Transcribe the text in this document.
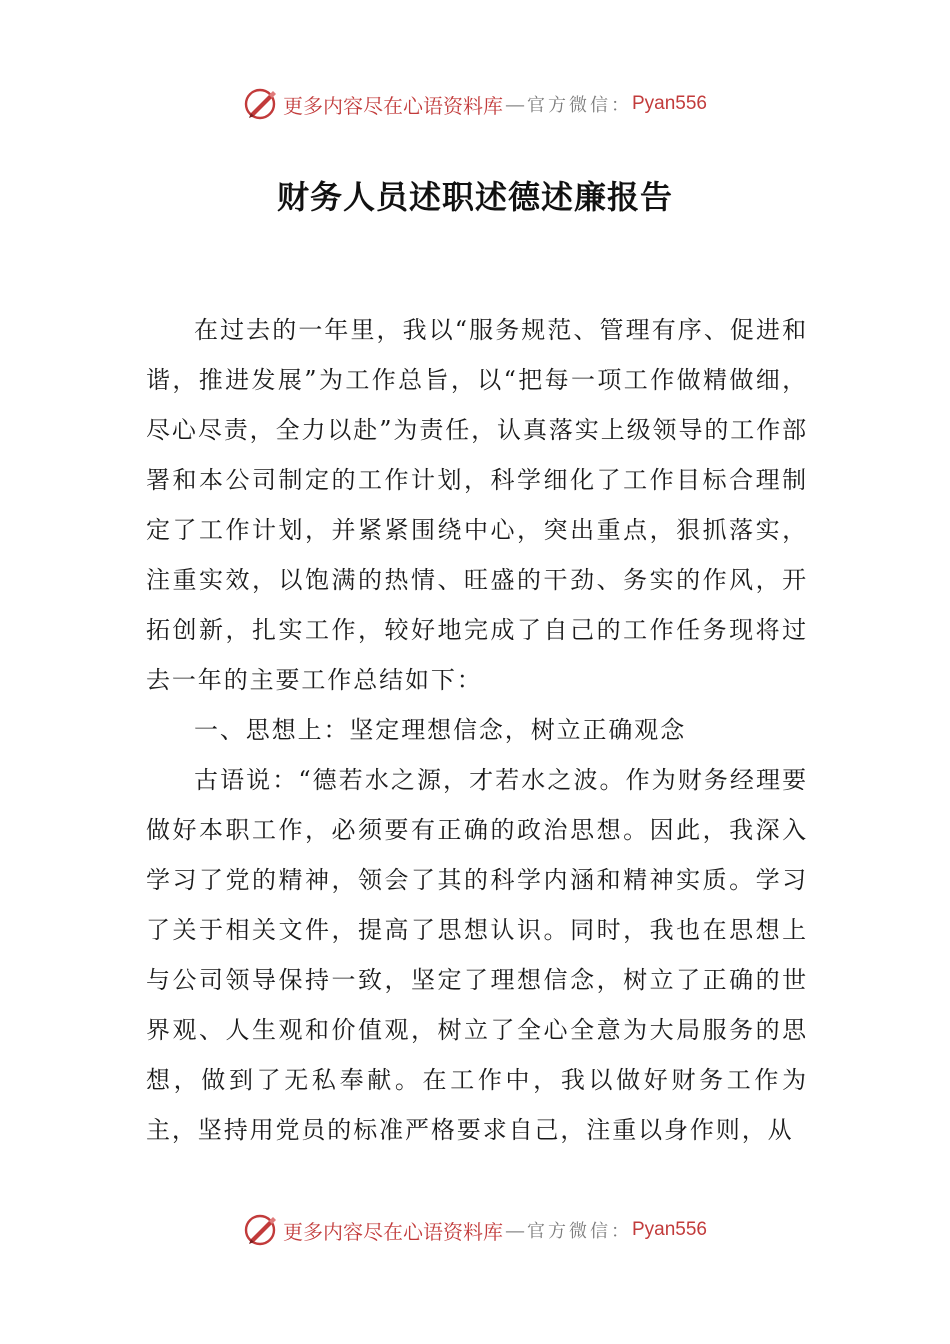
更多内容尽在心语资料库 — 官方微信： Pyan556
财务人员述职述德述廉报告

在过去的一年里，我以“服务规范、管理有序、促进和谐，推进发展”为工作总旨，以“把每一项工作做精做细，尽心尽责，全力以赴”为责任，认真落实上级领导的工作部署和本公司制定的工作计划，科学细化了工作目标合理制定了工作计划，并紧紧围绕中心，突出重点，狠抓落实，注重实效，以饱满的热情、旺盛的干劲、务实的作风，开拓创新，扎实工作，较好地完成了自己的工作任务现将过去一年的主要工作总结如下：

一、思想上：坚定理想信念，树立正确观念

古语说：“德若水之源，才若水之波。作为财务经理要做好本职工作，必须要有正确的政治思想。因此，我深入学习了党的精神，领会了其的科学内涵和精神实质。学习了关于相关文件，提高了思想认识。同时，我也在思想上与公司领导保持一致，坚定了理想信念，树立了正确的世界观、人生观和价值观，树立了全心全意为大局服务的思想，做到了无私奉献。在工作中，我以做好财务工作为主，坚持用党员的标准严格要求自己，注重以身作则，从

更多内容尽在心语资料库 — 官方微信： Pyan556
